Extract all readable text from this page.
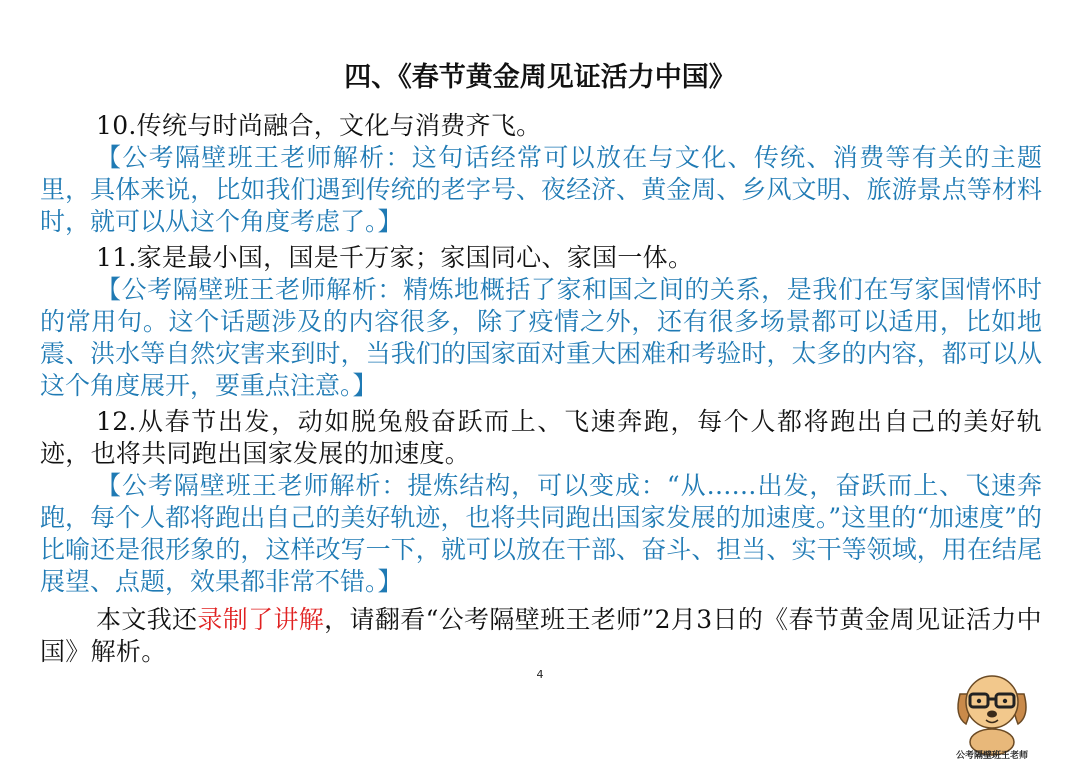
四、《春节黄金周见证活力中国》

10.传统与时尚融合，文化与消费齐飞。

【公考隔壁班王老师解析：这句话经常可以放在与文化、传统、消费等有关的主题里，具体来说，比如我们遇到传统的老字号、夜经济、黄金周、乡风文明、旅游景点等材料时，就可以从这个角度考虑了。】

11.家是最小国，国是千万家；家国同心、家国一体。

【公考隔壁班王老师解析：精炼地概括了家和国之间的关系，是我们在写家国情怀时的常用句。这个话题涉及的内容很多，除了疫情之外，还有很多场景都可以适用，比如地震、洪水等自然灾害来到时，当我们的国家面对重大困难和考验时，太多的内容，都可以从这个角度展开，要重点注意。】

12.从春节出发，动如脱兔般奋跃而上、飞速奔跑，每个人都将跑出自己的美好轨迹，也将共同跑出国家发展的加速度。

【公考隔壁班王老师解析：提炼结构，可以变成：“从……出发，奋跃而上、飞速奔跑，每个人都将跑出自己的美好轨迹，也将共同跑出国家发展的加速度。”这里的“加速度”的比喻还是很形象的，这样改写一下，就可以放在干部、奋斗、担当、实干等领域，用在结尾展望、点题，效果都非常不错。】

本文我还录制了讲解，请翻看“公考隔壁班王老师”2月3日的《春节黄金周见证活力中国》解析。

4
公考隔壁班王老师
